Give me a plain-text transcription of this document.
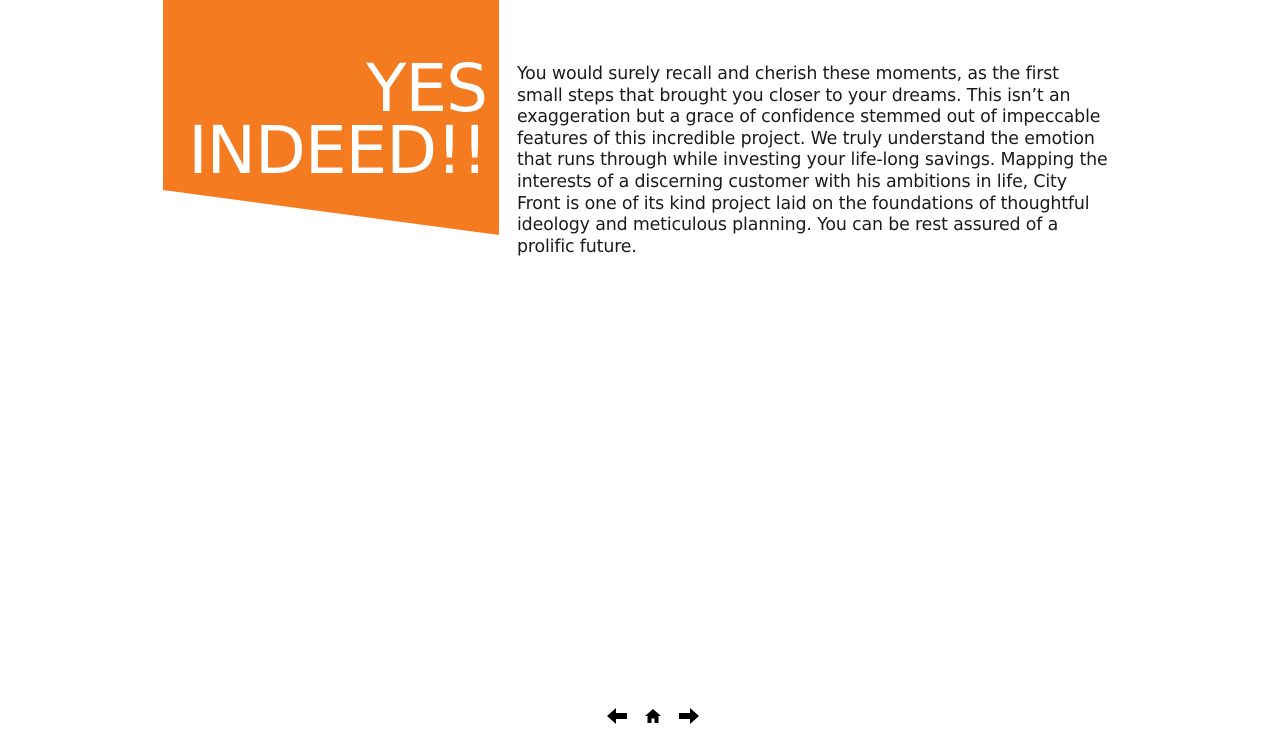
YES
INDEED!!

You would surely recall and cherish these moments, as the first small steps that brought you closer to your dreams. This isn’t an exaggeration but a grace of confidence stemmed out of impeccable features of this incredible project. We truly understand the emotion that runs through while investing your life-long savings. Mapping the interests of a discerning customer with his ambitions in life, City Front is one of its kind project laid on the foundations of thoughtful ideology and meticulous planning. You can be rest assured of a prolific future.
